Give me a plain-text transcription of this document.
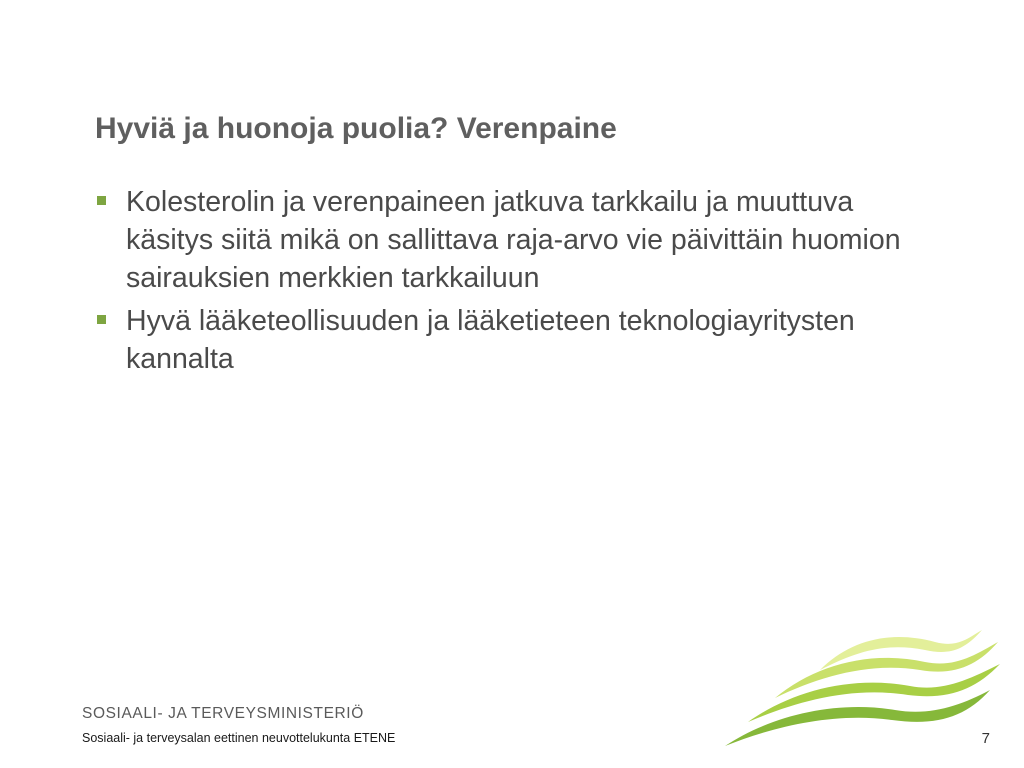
Hyviä ja huonoja puolia? Verenpaine
Kolesterolin ja verenpaineen jatkuva tarkkailu ja muuttuva käsitys siitä mikä on sallittava raja-arvo vie päivittäin huomion sairauksien merkkien tarkkailuun
Hyvä lääketeollisuuden ja lääketieteen teknologiayritysten kannalta
SOSIAALI- JA TERVEYSMINISTERIÖ
Sosiaali- ja terveysalan eettinen neuvottelukunta ETENE	7
